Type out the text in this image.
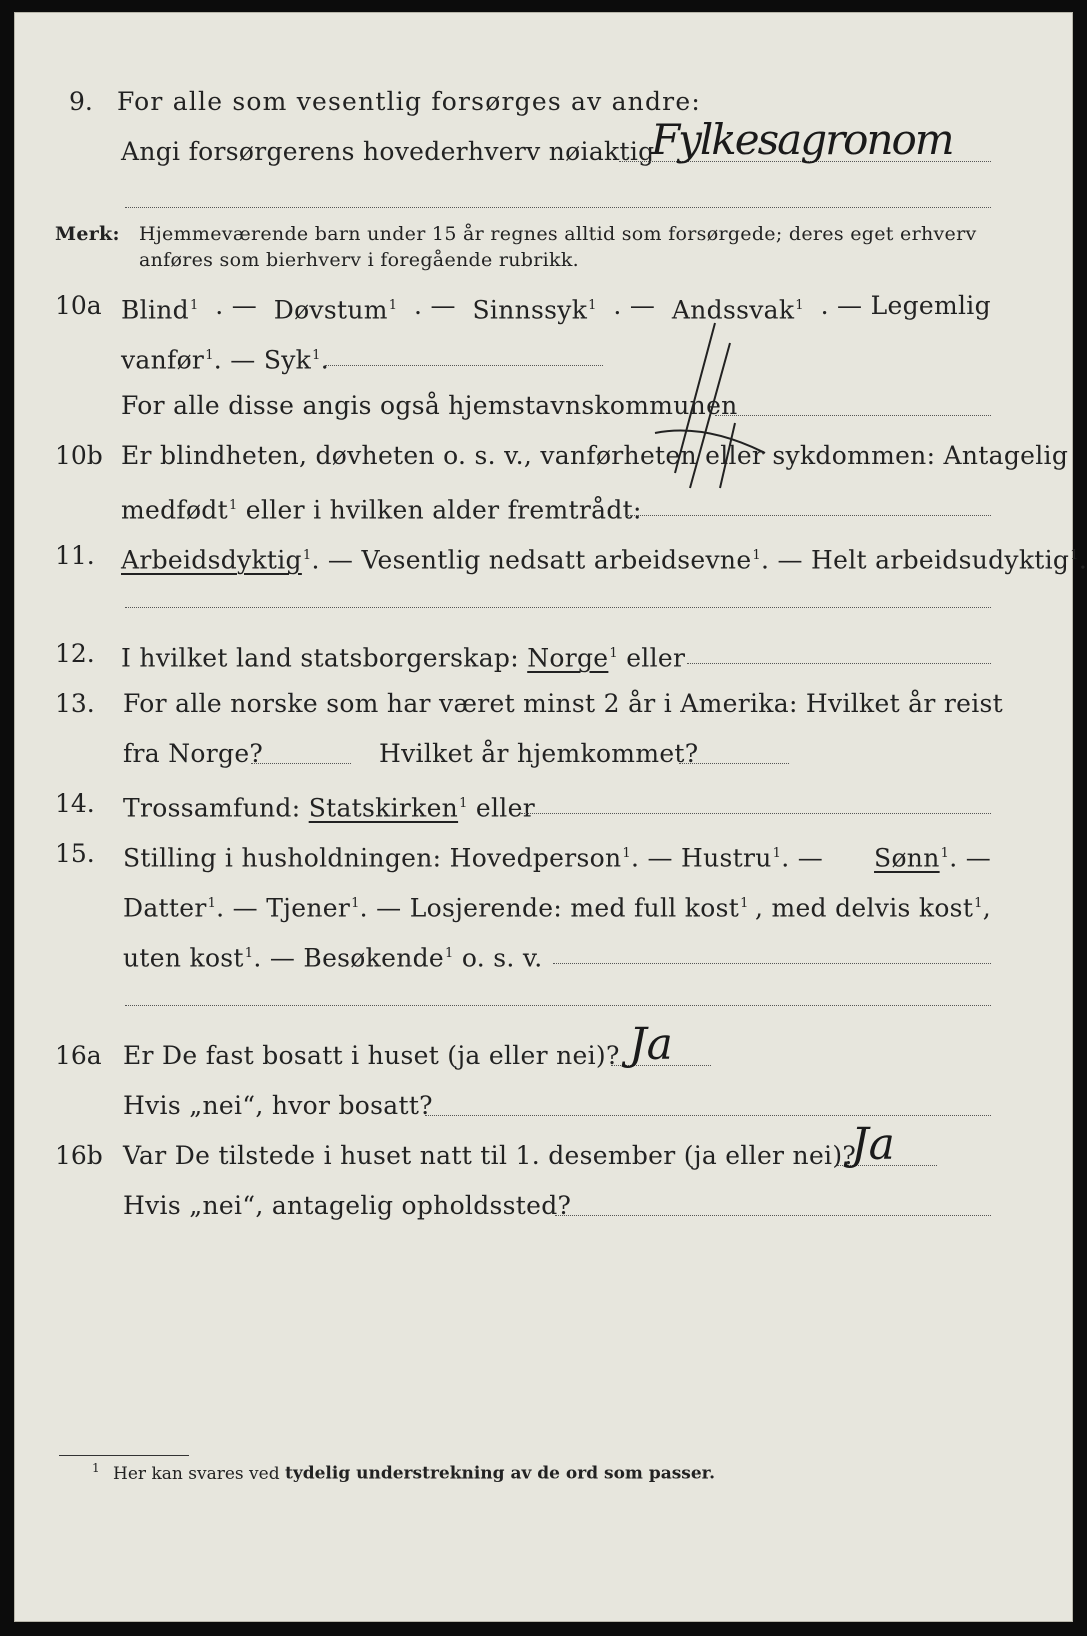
9. For alle som vesentlig forsørges av andre:
Angi forsørgerens hovederhverv nøiaktig
Fylkesagronom
Merk: Hjemmeværende barn under 15 år regnes alltid som forsørgede; deres eget erhverv
anføres som bierhverv i foregående rubrikk.
10a Blind$^1$ . — Døvstum$^1$ . — Sinnssyk$^1$ . — Andssvak$^1$ . — Legemlig
vanfør$^1$. — Syk$^1$.
For alle disse angis også hjemstavnskommunen
10b Er blindheten, døvheten o. s. v., vanførheten eller sykdommen: Antagelig
medfødt$^1$ eller i hvilken alder fremtrådt:
11. Arbeidsdyktig$^1$. — Vesentlig nedsatt arbeidsevne$^1$. — Helt arbeidsudyktig$^1$.
12. I hvilket land statsborgerskap: Norge$^1$ eller
13. For alle norske som har været minst 2 år i Amerika: Hvilket år reist
fra Norge?	Hvilket år hjemkommet?
14. Trossamfund: Statskirken$^1$ eller
15. Stilling i husholdningen: Hovedperson$^1$. — Hustru$^1$. — Sønn$^1$. —
Datter$^1$. — Tjener$^1$. — Losjerende: med full kost$^1$ , med delvis kost$^1$,
uten kost$^1$. — Besøkende$^1$ o. s. v.
16a Er De fast bosatt i huset (ja eller nei)? Ja
Hvis „nei“, hvor bosatt?
16b Var De tilstede i huset natt til 1. desember (ja eller nei)?
Ja
Hvis „nei“, antagelig opholdssted?
$^1$ Her kan svares ved tydelig understrekning av de ord som passer.
